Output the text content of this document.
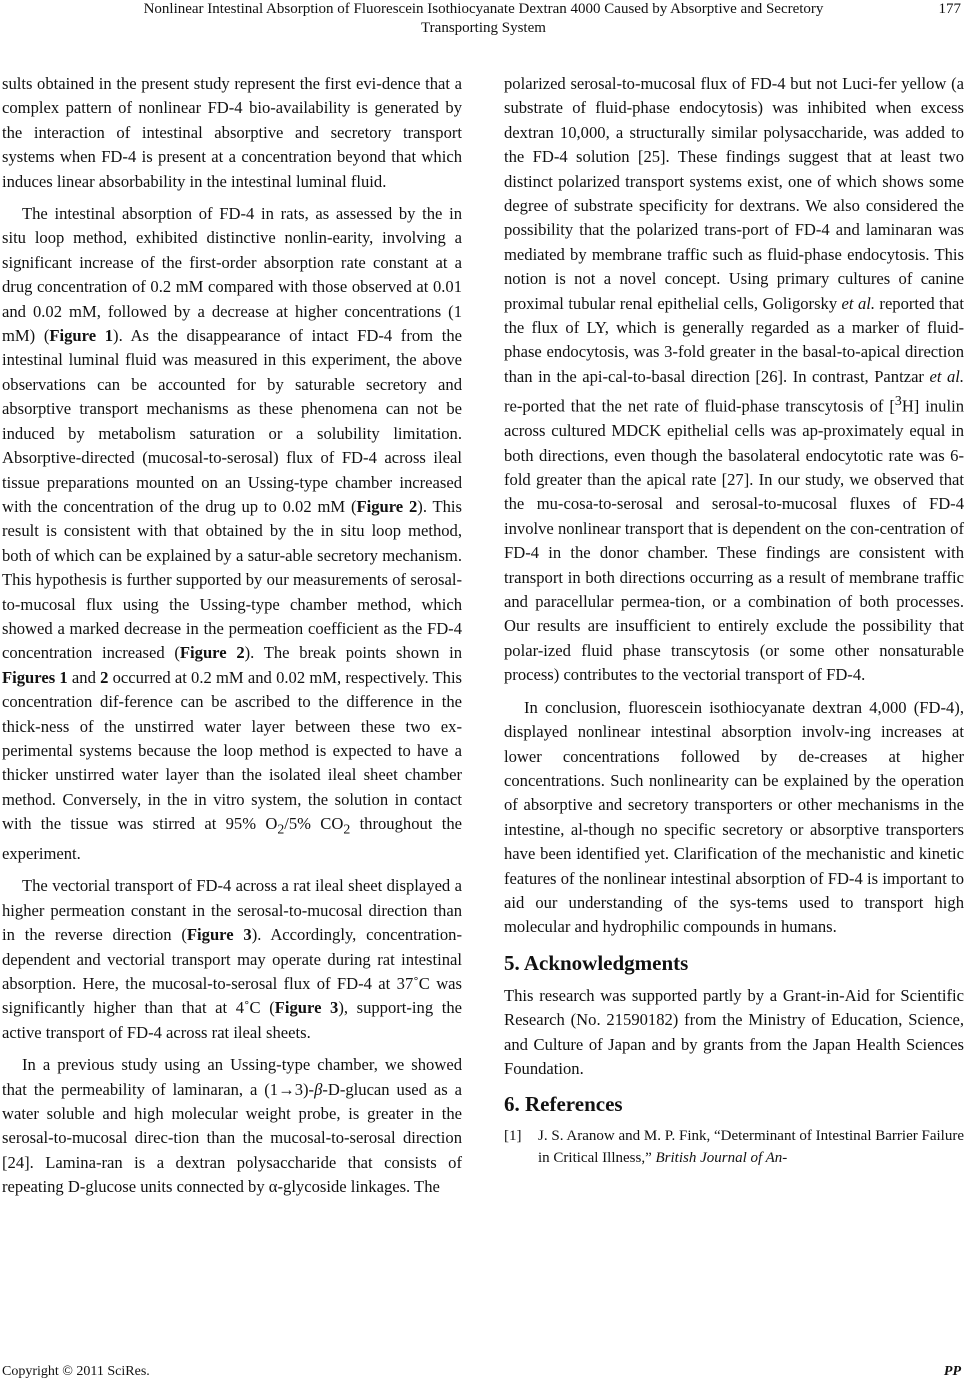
Nonlinear Intestinal Absorption of Fluorescein Isothiocyanate Dextran 4000 Caused by Absorptive and Secretory
Transporting System
177

sults obtained in the present study represent the first evi-dence that a complex pattern of nonlinear FD-4 bio-availability is generated by the interaction of intestinal absorptive and secretory transport systems when FD-4 is present at a concentration beyond that which induces linear absorbability in the intestinal luminal fluid.

The intestinal absorption of FD-4 in rats, as assessed by the in situ loop method, exhibited distinctive nonlin-earity, involving a significant increase of the first-order absorption rate constant at a drug concentration of 0.2 mM compared with those observed at 0.01 and 0.02 mM, followed by a decrease at higher concentrations (1 mM) (Figure 1). As the disappearance of intact FD-4 from the intestinal luminal fluid was measured in this experiment, the above observations can be accounted for by saturable secretory and absorptive transport mechanisms as these phenomena can not be induced by metabolism saturation or a solubility limitation. Absorptive-directed (mucosal-to-serosal) flux of FD-4 across ileal tissue preparations mounted on an Ussing-type chamber increased with the concentration of the drug up to 0.02 mM (Figure 2). This result is consistent with that obtained by the in situ loop method, both of which can be explained by a satur-able secretory mechanism. This hypothesis is further supported by our measurements of serosal-to-mucosal flux using the Ussing-type chamber method, which showed a marked decrease in the permeation coefficient as the FD-4 concentration increased (Figure 2). The break points shown in Figures 1 and 2 occurred at 0.2 mM and 0.02 mM, respectively. This concentration dif-ference can be ascribed to the difference in the thick-ness of the unstirred water layer between these two ex-perimental systems because the loop method is expected to have a thicker unstirred water layer than the isolated ileal sheet chamber method. Conversely, in the in vitro system, the solution in contact with the tissue was stirred at 95% $O_2/5\%$ $CO_2$ throughout the experiment.

The vectorial transport of FD-4 across a rat ileal sheet displayed a higher permeation constant in the serosal-to-mucosal direction than in the reverse direction (Figure 3). Accordingly, concentration-dependent and vectorial transport may operate during rat intestinal absorption. Here, the mucosal-to-serosal flux of FD-4 at 37˚C was significantly higher than that at 4˚C (Figure 3), support-ing the active transport of FD-4 across rat ileal sheets.

In a previous study using an Ussing-type chamber, we showed that the permeability of laminaran, a (1→3)-β-D-glucan used as a water soluble and high molecular weight probe, is greater in the serosal-to-mucosal direc-tion than the mucosal-to-serosal direction [24]. Lamina-ran is a dextran polysaccharide that consists of repeating D-glucose units connected by α-glycoside linkages. The

polarized serosal-to-mucosal flux of FD-4 but not Luci-fer yellow (a substrate of fluid-phase endocytosis) was inhibited when excess dextran 10,000, a structurally similar polysaccharide, was added to the FD-4 solution [25]. These findings suggest that at least two distinct polarized transport systems exist, one of which shows some degree of substrate specificity for dextrans. We also considered the possibility that the polarized trans-port of FD-4 and laminaran was mediated by membrane traffic such as fluid-phase endocytosis. This notion is not a novel concept. Using primary cultures of canine proximal tubular renal epithelial cells, Goligorsky et al. reported that the flux of LY, which is generally regarded as a marker of fluid-phase endocytosis, was 3-fold greater in the basal-to-apical direction than in the api-cal-to-basal direction [26]. In contrast, Pantzar et al. re-ported that the net rate of fluid-phase transcytosis of [$^3$H] inulin across cultured MDCK epithelial cells was ap-proximately equal in both directions, even though the basolateral endocytotic rate was 6-fold greater than the apical rate [27]. In our study, we observed that the mu-cosa-to-serosal and serosal-to-mucosal fluxes of FD-4 involve nonlinear transport that is dependent on the con-centration of FD-4 in the donor chamber. These findings are consistent with transport in both directions occurring as a result of membrane traffic and paracellular permea-tion, or a combination of both processes. Our results are insufficient to entirely exclude the possibility that polar-ized fluid phase transcytosis (or some other nonsaturable process) contributes to the vectorial transport of FD-4.

In conclusion, fluorescein isothiocyanate dextran 4,000 (FD-4), displayed nonlinear intestinal absorption involv-ing increases at lower concentrations followed by de-creases at higher concentrations. Such nonlinearity can be explained by the operation of absorptive and secretory transporters or other mechanisms in the intestine, al-though no specific secretory or absorptive transporters have been identified yet. Clarification of the mechanistic and kinetic features of the nonlinear intestinal absorption of FD-4 is important to aid our understanding of the sys-tems used to transport high molecular and hydrophilic compounds in humans.

5. Acknowledgments

This research was supported partly by a Grant-in-Aid for Scientific Research (No. 21590182) from the Ministry of Education, Science, and Culture of Japan and by grants from the Japan Health Sciences Foundation.

6. References
[1]	J. S. Aranow and M. P. Fink, “Determinant of Intestinal Barrier Failure in Critical Illness,” British Journal of An-
Copyright © 2011 SciRes.	PP
